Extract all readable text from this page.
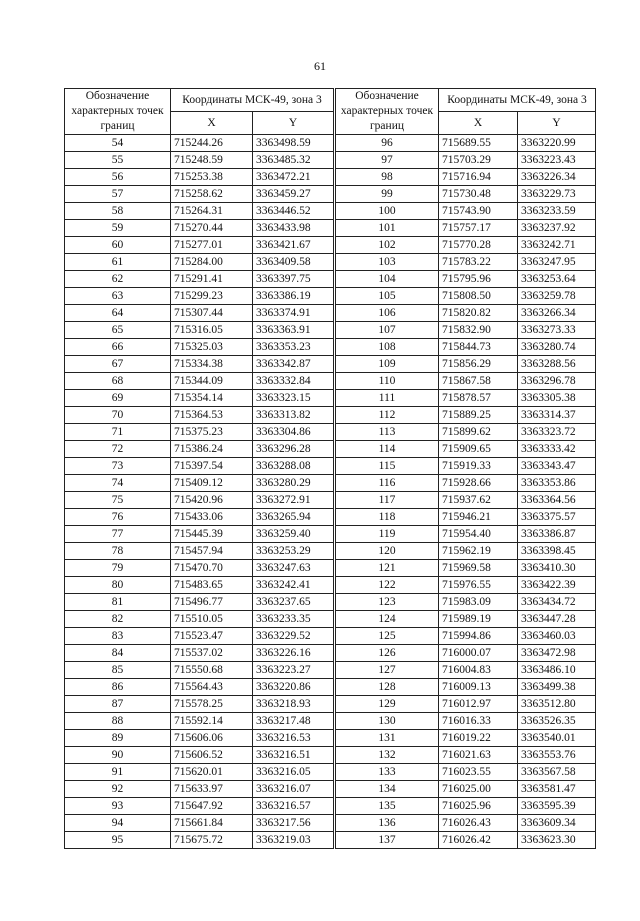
61
Обозначение характерных точек границ	Координаты МСК-49, зона 3	
	X	Y
54	715244.26	3363498.59
55	715248.59	3363485.32
56	715253.38	3363472.21
57	715258.62	3363459.27
58	715264.31	3363446.52
59	715270.44	3363433.98
60	715277.01	3363421.67
61	715284.00	3363409.58
62	715291.41	3363397.75
63	715299.23	3363386.19
64	715307.44	3363374.91
65	715316.05	3363363.91
66	715325.03	3363353.23
67	715334.38	3363342.87
68	715344.09	3363332.84
69	715354.14	3363323.15
70	715364.53	3363313.82
71	715375.23	3363304.86
72	715386.24	3363296.28
73	715397.54	3363288.08
74	715409.12	3363280.29
75	715420.96	3363272.91
76	715433.06	3363265.94
77	715445.39	3363259.40
78	715457.94	3363253.29
79	715470.70	3363247.63
80	715483.65	3363242.41
81	715496.77	3363237.65
82	715510.05	3363233.35
83	715523.47	3363229.52
84	715537.02	3363226.16
85	715550.68	3363223.27
86	715564.43	3363220.86
87	715578.25	3363218.93
88	715592.14	3363217.48
89	715606.06	3363216.53
90	715606.52	3363216.51
91	715620.01	3363216.05
92	715633.97	3363216.07
93	715647.92	3363216.57
94	715661.84	3363217.56
95	715675.72	3363219.03
Обозначение характерных точек границ	Координаты МСК-49, зона 3	
	X	Y
96	715689.55	3363220.99
97	715703.29	3363223.43
98	715716.94	3363226.34
99	715730.48	3363229.73
100	715743.90	3363233.59
101	715757.17	3363237.92
102	715770.28	3363242.71
103	715783.22	3363247.95
104	715795.96	3363253.64
105	715808.50	3363259.78
106	715820.82	3363266.34
107	715832.90	3363273.33
108	715844.73	3363280.74
109	715856.29	3363288.56
110	715867.58	3363296.78
111	715878.57	3363305.38
112	715889.25	3363314.37
113	715899.62	3363323.72
114	715909.65	3363333.42
115	715919.33	3363343.47
116	715928.66	3363353.86
117	715937.62	3363364.56
118	715946.21	3363375.57
119	715954.40	3363386.87
120	715962.19	3363398.45
121	715969.58	3363410.30
122	715976.55	3363422.39
123	715983.09	3363434.72
124	715989.19	3363447.28
125	715994.86	3363460.03
126	716000.07	3363472.98
127	716004.83	3363486.10
128	716009.13	3363499.38
129	716012.97	3363512.80
130	716016.33	3363526.35
131	716019.22	3363540.01
132	716021.63	3363553.76
133	716023.55	3363567.58
134	716025.00	3363581.47
135	716025.96	3363595.39
136	716026.43	3363609.34
137	716026.42	3363623.30
